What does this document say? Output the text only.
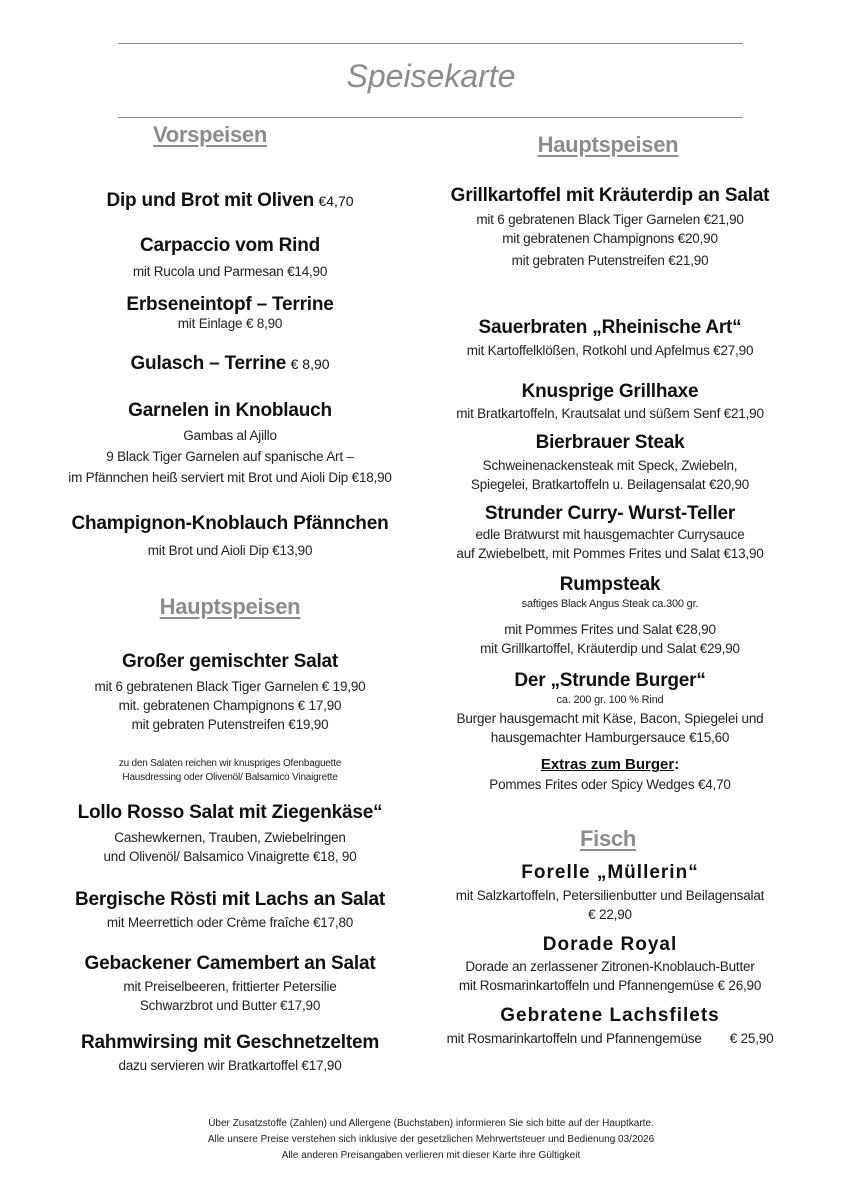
Speisekarte
Vorspeisen
Dip und Brot mit Oliven €4,70
Carpaccio vom Rind
mit Rucola und Parmesan €14,90
Erbseneintopf – Terrine
mit Einlage € 8,90
Gulasch – Terrine € 8,90
Garnelen in Knoblauch
Gambas al Ajillo
9 Black Tiger Garnelen auf spanische Art –
im Pfännchen heiß serviert mit Brot und Aioli Dip €18,90
Champignon-Knoblauch Pfännchen
mit Brot und Aioli Dip €13,90
Hauptspeisen
Großer gemischter Salat
mit 6 gebratenen Black Tiger Garnelen € 19,90
mit. gebratenen Champignons € 17,90
mit gebraten Putenstreifen €19,90
zu den Salaten reichen wir knuspriges Ofenbaguette
Hausdressing oder Olivenöl/ Balsamico Vinaigrette
Lollo Rosso Salat mit Ziegenkäse“
Cashewkernen, Trauben, Zwiebelringen
und Olivenöl/ Balsamico Vinaigrette €18, 90
Bergische Rösti mit Lachs an Salat
mit Meerrettich oder Crème fraîche €17,80
Gebackener Camembert an Salat
mit Preiselbeeren, frittierter Petersilie
Schwarzbrot und Butter €17,90
Rahmwirsing mit Geschnetzeltem
dazu servieren wir Bratkartoffel €17,90
Hauptspeisen
Grillkartoffel mit Kräuterdip an Salat
mit 6 gebratenen Black Tiger Garnelen €21,90
mit gebratenen Champignons €20,90
mit gebraten Putenstreifen €21,90
Sauerbraten „Rheinische Art“
mit Kartoffelklößen, Rotkohl und Apfelmus €27,90
Knusprige Grillhaxe
mit Bratkartoffeln, Krautsalat und süßem Senf €21,90
Bierbrauer Steak
Schweinenackensteak mit Speck, Zwiebeln,
Spiegelei, Bratkartoffeln u. Beilagensalat €20,90
Strunder Curry- Wurst-Teller
edle Bratwurst mit hausgemachter Currysauce
auf Zwiebelbett, mit Pommes Frites und Salat €13,90
Rumpsteak
saftiges Black Angus Steak ca.300 gr.
mit Pommes Frites und Salat €28,90
mit Grillkartoffel, Kräuterdip und Salat €29,90
Der „Strunde Burger“
ca. 200 gr. 100 % Rind
Burger hausgemacht mit Käse, Bacon, Spiegelei und
hausgemachter Hamburgersauce €15,60
Extras zum Burger:
Pommes Frites oder Spicy Wedges €4,70
Fisch
Forelle „Müllerin“
mit Salzkartoffeln, Petersilienbutter und Beilagensalat
€ 22,90
Dorade Royal
Dorade an zerlassener Zitronen-Knoblauch-Butter
mit Rosmarinkartoffeln und Pfannengemüse € 26,90
Gebratene Lachsfilets
mit Rosmarinkartoffeln und Pfannengemüse € 25,90
Über Zusatzstoffe (Zahlen) und Allergene (Buchstaben) informieren Sie sich bitte auf der Hauptkarte.
Alle unsere Preise verstehen sich inklusive der gesetzlichen Mehrwertsteuer und Bedienung 03/2026
Alle anderen Preisangaben verlieren mit dieser Karte ihre Gültigkeit
